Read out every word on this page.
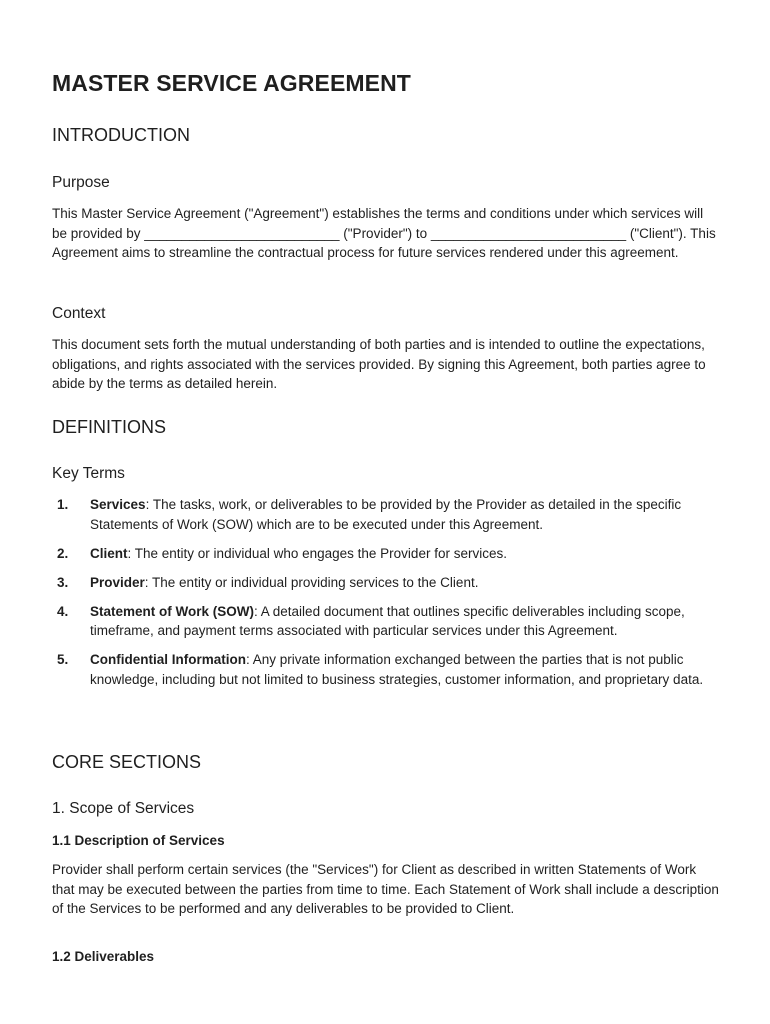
MASTER SERVICE AGREEMENT
INTRODUCTION
Purpose

This Master Service Agreement ("Agreement") establishes the terms and conditions under which services will be provided by __________________________ ("Provider") to __________________________ ("Client"). This Agreement aims to streamline the contractual process for future services rendered under this agreement.

Context

This document sets forth the mutual understanding of both parties and is intended to outline the expectations, obligations, and rights associated with the services provided. By signing this Agreement, both parties agree to abide by the terms as detailed herein.

DEFINITIONS
Key Terms
1. Services: The tasks, work, or deliverables to be provided by the Provider as detailed in the specific Statements of Work (SOW) which are to be executed under this Agreement.
2. Client: The entity or individual who engages the Provider for services.
3. Provider: The entity or individual providing services to the Client.
4. Statement of Work (SOW): A detailed document that outlines specific deliverables including scope, timeframe, and payment terms associated with particular services under this Agreement.
5. Confidential Information: Any private information exchanged between the parties that is not public knowledge, including but not limited to business strategies, customer information, and proprietary data.
CORE SECTIONS
1. Scope of Services
1.1 Description of Services

Provider shall perform certain services (the "Services") for Client as described in written Statements of Work that may be executed between the parties from time to time. Each Statement of Work shall include a description of the Services to be performed and any deliverables to be provided to Client.

1.2 Deliverables
